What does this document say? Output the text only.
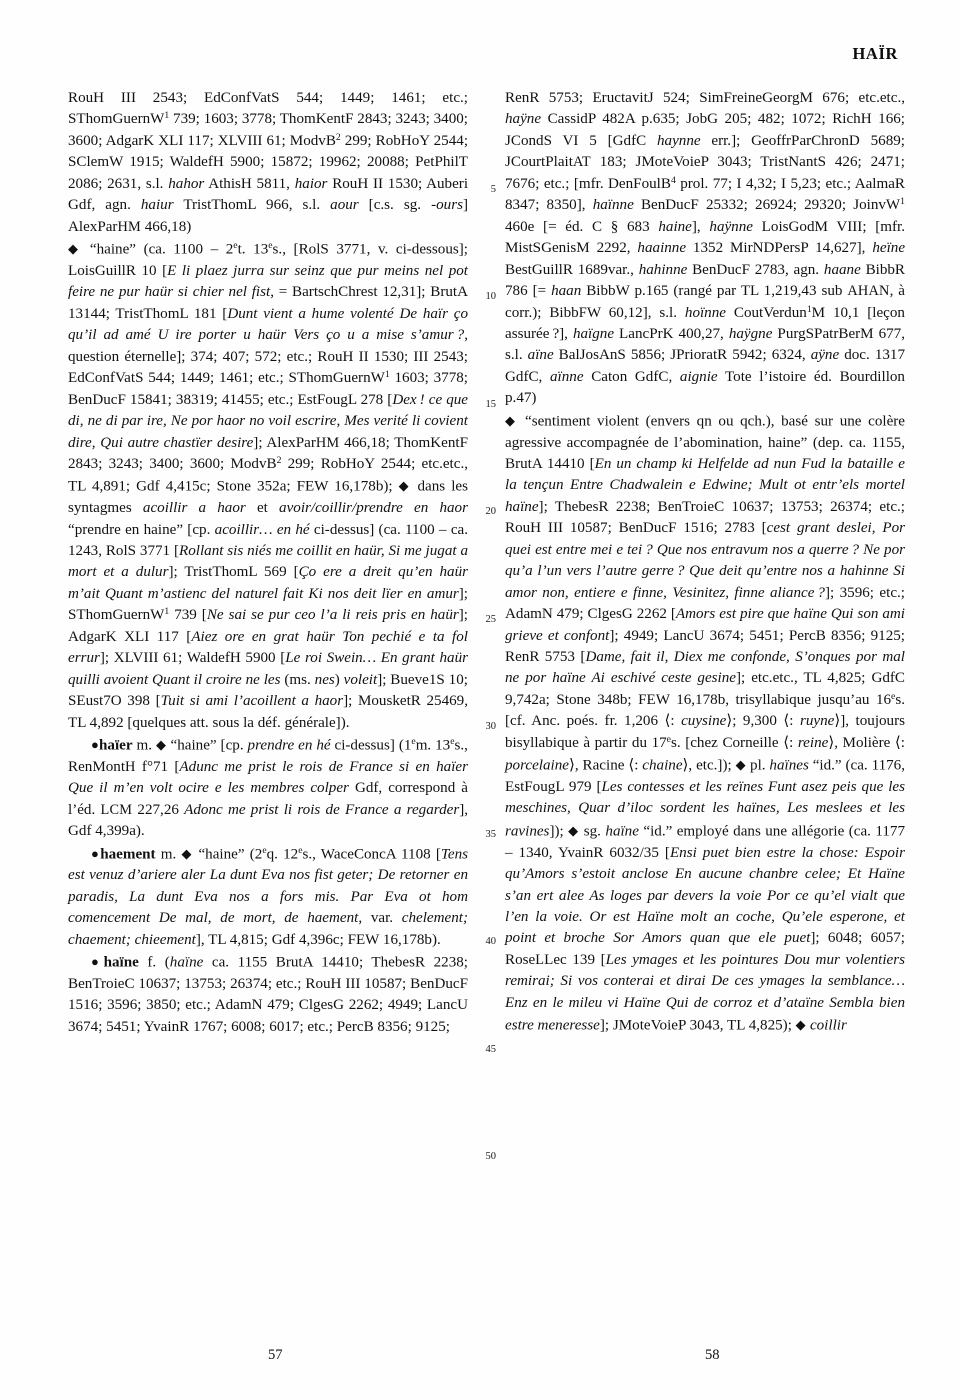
HAÏR

RouH III 2543; EdConfVatS 544; 1449; 1461; etc.; SThomGuernW$^1$ 739; 1603; 3778; ThomKentF 2843; 3243; 3400; 3600; AdgarK XLI 117; XLVIII 61; ModvB$^2$ 299; RobHoY 2544; SClemW 1915; WaldefH 5900; 15872; 19962; 20088; PetPhilT 2086; 2631, s.l. hahor AthisH 5811, haior RouH II 1530; Auberi Gdf, agn. haiur TristThomL 966, s.l. aour [c.s. sg. -ours] AlexParHM 466,18)

◆ “haine” (ca. 1100 – 2et. 13es., [RolS 3771, v. ci-dessous]; LoisGuillR 10 [E li plaez jurra sur seinz que pur meins nel pot feire ne pur haür si chier nel fist, = BartschChrest 12,31]; BrutA 13144; TristThomL 181 [Dunt vient a hume volenté De haïr ço qu’il ad amé U ire porter u haür Vers ço u a mise s’amur ?, question éternelle]; 374; 407; 572; etc.; RouH II 1530; III 2543; EdConfVatS 544; 1449; 1461; etc.; SThomGuernW$^1$ 1603; 3778; BenDucF 15841; 38319; 41455; etc.; EstFougL 278 [Dex ! ce que di, ne di par ire, Ne por haor no voil escrire, Mes verité li covient dire, Qui autre chastïer desire]; AlexParHM 466,18; ThomKentF 2843; 3243; 3400; 3600; ModvB$^2$ 299; RobHoY 2544; etc.etc., TL 4,891; Gdf 4,415c; Stone 352a; FEW 16,178b); ◆ dans les syntagmes acoillir a haor et avoir/coillir/prendre en haor “prendre en haine” [cp. acoillir… en hé ci-dessus] (ca. 1100 – ca. 1243, RolS 3771 [Rollant sis niés me coillit en haür, Si me jugat a mort et a dulur]; TristThomL 569 [Ço ere a dreit qu’en haür m’ait Quant m’astienc del naturel fait Ki nos deit lïer en amur]; SThomGuernW$^1$ 739 [Ne sai se pur ceo l’a li reis pris en haür]; AdgarK XLI 117 [Aiez ore en grat haür Ton pechié e ta fol errur]; XLVIII 61; WaldefH 5900 [Le roi Swein… En grant haür quilli avoient Quant il croire ne les (ms. nes) voleit]; Bueve1S 10; SEust7O 398 [Tuit si ami l’acoillent a haor]; MousketR 25469, TL 4,892 [quelques att. sous la déf. générale]).

●haïer m. ◆ “haine” [cp. prendre en hé ci-dessus] (1em. 13es., RenMontH f°71 [Adunc me prist le rois de France si en haïer Que il m’en volt ocire e les membres colper Gdf, correspond à l’éd. LCM 227,26 Adonc me prist li rois de France a regarder], Gdf 4,399a).

●haement m. ◆ “haine” (2eq. 12es., WaceConcA 1108 [Tens est venuz d’ariere aler La dunt Eva nos fist geter; De retorner en paradis, La dunt Eva nos a fors mis. Par Eva ot hom comencement De mal, de mort, de haement, var. chelement; chaement; chieement], TL 4,815; Gdf 4,396c; FEW 16,178b).

●haïne f. (haïne ca. 1155 BrutA 14410; ThebesR 2238; BenTroieC 10637; 13753; 26374; etc.; RouH III 10587; BenDucF 1516; 3596; 3850; etc.; AdamN 479; ClgesG 2262; 4949; LancU 3674; 5451; YvainR 1767; 6008; 6017; etc.; PercB 8356; 9125;

RenR 5753; EructavitJ 524; SimFreineGeorgM 676; etc.etc., haÿne CassidP 482A p.635; JobG 205; 482; 1072; RichH 166; JCondS VI 5 [GdfC haynne err.]; GeoffrParChronD 5689; JCourtPlaitAT 183; JMoteVoieP 3043; TristNantS 426; 2471; 7676; etc.; [mfr. DenFoulB$^4$ prol. 77; I 4,32; I 5,23; etc.; AalmaR 8347; 8350], haïnne BenDucF 25332; 26924; 29320; JoinvW$^1$ 460e [= éd. C § 683 haine], haÿnne LoisGodM VIII; [mfr. MistSGenisM 2292, haainne 1352 MirNDPersP 14,627], heïne BestGuillR 1689var., hahinne BenDucF 2783, agn. haane BibbR 786 [= haan BibbW p.165 (rangé par TL 1,219,43 sub AHAN, à corr.); BibbFW 60,12], s.l. hoïnne CoutVerdun$^1$M 10,1 [leçon assurée ?], haïgne LancPrK 400,27, haÿgne PurgSPatrBerM 677, s.l. aïne BalJosAnS 5856; JPrioratR 5942; 6324, aÿne doc. 1317 GdfC, aïnne Caton GdfC, aignie Tote l’istoire éd. Bourdillon p.47)

◆ “sentiment violent (envers qn ou qch.), basé sur une colère agressive accompagnée de l’abomination, haine” (dep. ca. 1155, BrutA 14410 [En un champ ki Helfelde ad nun Fud la bataille e la tençun Entre Chadwalein e Edwine; Mult ot entr’els mortel haïne]; ThebesR 2238; BenTroieC 10637; 13753; 26374; etc.; RouH III 10587; BenDucF 1516; 2783 [cest grant deslei, Por quei est entre mei e tei ? Que nos entravum nos a querre ? Ne por qu’a l’un vers l’autre gerre ? Que deit qu’entre nos a hahinne Si amor non, entiere e finne, Vesinitez, finne aliance ?]; 3596; etc.; AdamN 479; ClgesG 2262 [Amors est pire que haïne Qui son ami grieve et confont]; 4949; LancU 3674; 5451; PercB 8356; 9125; RenR 5753 [Dame, fait il, Diex me confonde, S’onques por mal ne por haïne Ai eschivé ceste gesine]; etc.etc., TL 4,825; GdfC 9,742a; Stone 348b; FEW 16,178b, trisyllabique jusqu’au 16es. [cf. Anc. poés. fr. 1,206 ⟨: cuysine⟩; 9,300 ⟨: ruyne⟩], toujours bisyllabique à partir du 17es. [chez Corneille ⟨: reine⟩, Molière ⟨: porcelaine⟩, Racine ⟨: chaine⟩, etc.]); ◆ pl. haïnes “id.” (ca. 1176, EstFougL 979 [Les contesses et les reïnes Funt asez peis que les meschines, Quar d’iloc sordent les haïnes, Les meslees et les ravines]); ◆ sg. haïne “id.” employé dans une allégorie (ca. 1177 – 1340, YvainR 6032/35 [Ensi puet bien estre la chose: Espoir qu’Amors s’estoit anclose En aucune chanbre celee; Et Haïne s’an ert alee As loges par devers la voie Por ce qu’el vialt que l’en la voie. Or est Haïne molt an coche, Qu’ele esperone, et point et broche Sor Amors quan que ele puet]; 6048; 6057; RoseLLec 139 [Les ymages et les pointures Dou mur volentiers remirai; Si vos conterai et dirai De ces ymages la semblance… Enz en le mileu vi Haïne Qui de corroz et d’ataïne Sembla bien estre meneresse]; JMoteVoieP 3043, TL 4,825); ◆ coillir

5
10
15
20
25
30
35
40
45
50
57	58
